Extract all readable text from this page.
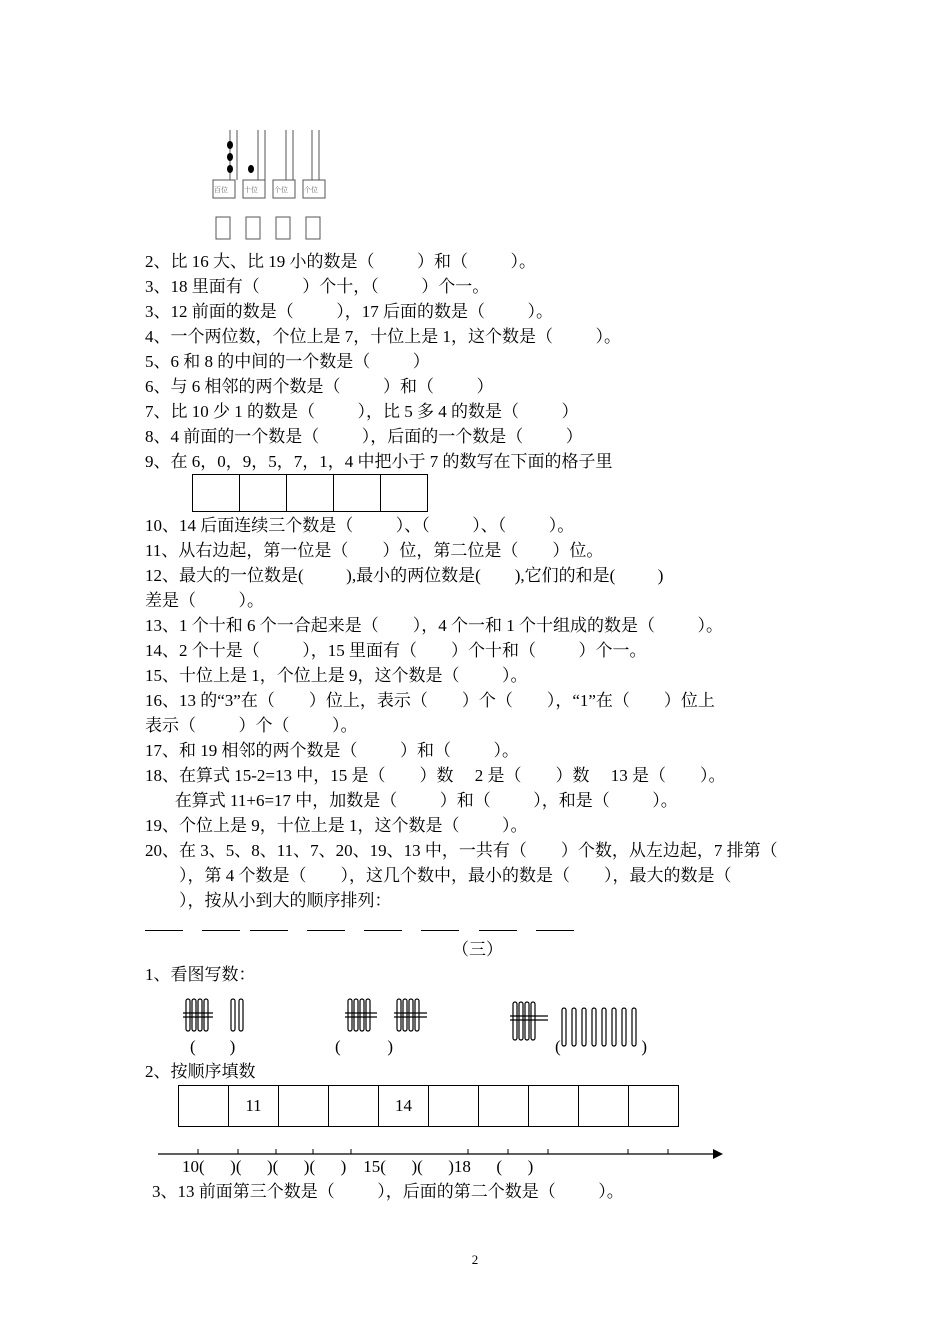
百位 十位 个位 个位
2、比 16 大、比 19 小的数是（          ）和（          ）。
3、18 里面有（          ）个十，（          ）个一。
3、12 前面的数是（          ），17 后面的数是（          ）。
4、一个两位数，个位上是 7，十位上是 1，这个数是（          ）。
5、6 和 8 的中间的一个数是（          ）
6、与 6 相邻的两个数是（          ）和（          ）
7、比 10 少 1 的数是（          ），比 5 多 4 的数是（          ）
8、4 前面的一个数是（          ），后面的一个数是（          ）
9、在 6，0，9，5，7，1，4 中把小于 7 的数写在下面的格子里
10、14 后面连续三个数是（          ）、（          ）、（          ）。
11、从右边起，第一位是（        ）位，第二位是（        ）位。
12、最大的一位数是(          ),最小的两位数是(        ),它们的和是(          )
差是（          ）。
13、1 个十和 6 个一合起来是（        ），4 个一和 1 个十组成的数是（          ）。
14、2 个十是（          ），15 里面有（        ）个十和（          ）个一。
15、十位上是 1，个位上是 9，这个数是（          ）。
16、13 的“3”在（        ）位上，表示（        ）个（        ），“1”在（        ）位上
表示（          ）个（          ）。
17、和 19 相邻的两个数是（          ）和（          ）。
18、在算式 15-2=13 中，15 是（        ）数     2 是（        ）数     13 是（        ）。
在算式 11+6=17 中，加数是（          ）和（          ），和是（          ）。
19、个位上是 9，十位上是 1，这个数是（          ）。
20、在 3、5、8、11、7、20、19、13 中，一共有（        ）个数，从左边起，7 排第（
），第 4 个数是（        ），这几个数中，最小的数是（        ），最大的数是（
），按从小到大的顺序排列：
（三）
1、看图写数：
(        )	(           )	(                   )
2、按顺序填数
11	14
10(      )(      )(      )(      )    15(      )(      )18      (      )
3、13 前面第三个数是（          ），后面的第二个数是（          ）。
2
